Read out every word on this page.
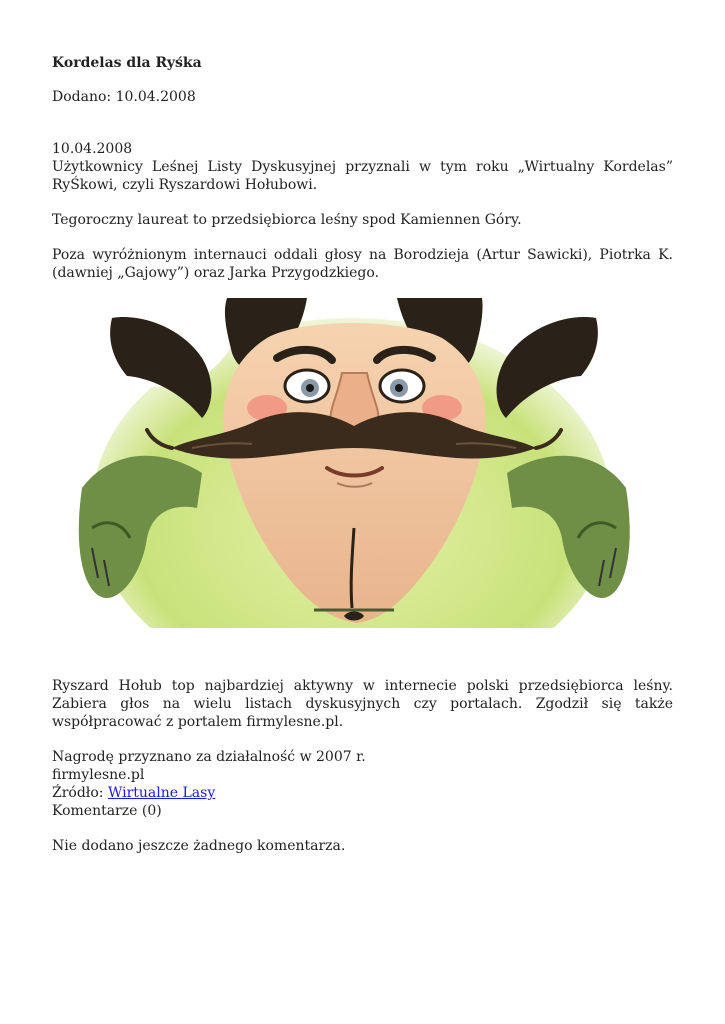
Kordelas dla Ryśka

Dodano: 10.04.2008

10.04.2008

Użytkownicy Leśnej Listy Dyskusyjnej przyznali w tym roku „Wirtualny Kordelas” RyŚkowi, czyli Ryszardowi Hołubowi.

Tegoroczny laureat to przedsiębiorca leśny spod Kamiennen Góry.

Poza wyróżnionym internauci oddali głosy na Borodzieja (Artur Sawicki), Piotrka K. (dawniej „Gajowy”) oraz Jarka Przygodzkiego.

Ryszard Hołub top najbardziej aktywny w internecie polski przedsiębiorca leśny. Zabiera głos na wielu listach dyskusyjnych czy portalach. Zgodził się także współpracować z portalem firmylesne.pl.

Nagrodę przyznano za działalność w 2007 r.

firmylesne.pl

Źródło: Wirtualne Lasy

Komentarze (0)

Nie dodano jeszcze żadnego komentarza.
